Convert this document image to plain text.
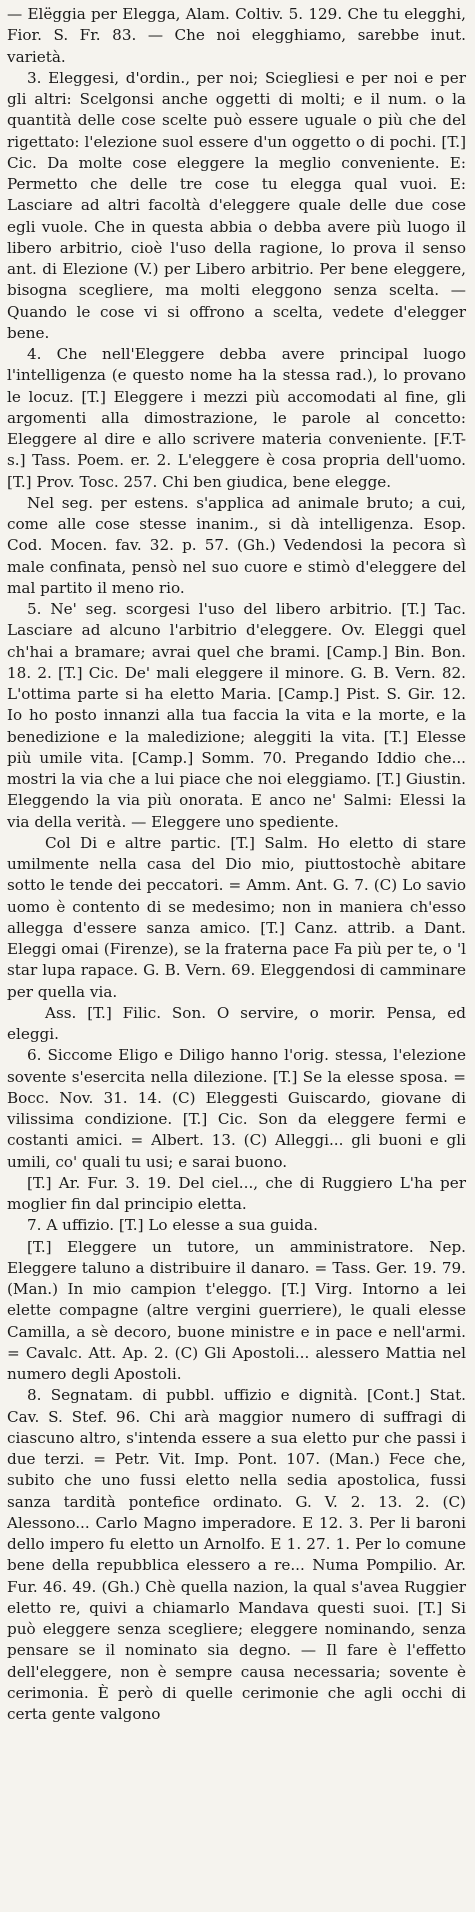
— Elëggia per Elegga, Alam. Coltiv. 5. 129. Che tu elegghi, Fior. S. Fr. 83. — Che noi elegghiamo, sarebbe inut. varietà.

3. Eleggesi, d'ordin., per noi; Sciegliesi e per noi e per gli altri: Scelgonsi anche oggetti di molti; e il num. o la quantità delle cose scelte può essere uguale o più che del rigettato: l'elezione suol essere d'un oggetto o di pochi. [T.] Cic. Da molte cose eleggere la meglio conveniente. E: Permetto che delle tre cose tu elegga qual vuoi. E: Lasciare ad altri facoltà d'eleggere quale delle due cose egli vuole. Che in questa abbia o debba avere più luogo il libero arbitrio, cioè l'uso della ragione, lo prova il senso ant. di Elezione (V.) per Libero arbitrio. Per bene eleggere, bisogna scegliere, ma molti eleggono senza scelta. — Quando le cose vi si offrono a scelta, vedete d'elegger bene.

4. Che nell'Eleggere debba avere principal luogo l'intelligenza (e questo nome ha la stessa rad.), lo provano le locuz. [T.] Eleggere i mezzi più accomodati al fine, gli argomenti alla dimostrazione, le parole al concetto: Eleggere al dire e allo scrivere materia conveniente. [F.T-s.] Tass. Poem. er. 2. L'eleggere è cosa propria dell'uomo. [T.] Prov. Tosc. 257. Chi ben giudica, bene elegge.

Nel seg. per estens. s'applica ad animale bruto; a cui, come alle cose stesse inanim., si dà intelligenza. Esop. Cod. Mocen. fav. 32. p. 57. (Gh.) Vedendosi la pecora sì male confinata, pensò nel suo cuore e stimò d'eleggere del mal partito il meno rio.

5. Ne' seg. scorgesi l'uso del libero arbitrio. [T.] Tac. Lasciare ad alcuno l'arbitrio d'eleggere. Ov. Eleggi quel ch'hai a bramare; avrai quel che brami. [Camp.] Bin. Bon. 18. 2. [T.] Cic. De' mali eleggere il minore. G. B. Vern. 82. L'ottima parte si ha eletto Maria. [Camp.] Pist. S. Gir. 12. Io ho posto innanzi alla tua faccia la vita e la morte, e la benedizione e la maledizione; aleggiti la vita. [T.] Elesse più umile vita. [Camp.] Somm. 70. Pregando Iddio che... mostri la via che a lui piace che noi eleggiamo. [T.] Giustin. Eleggendo la via più onorata. E anco ne' Salmi: Elessi la via della verità. — Eleggere uno spediente.

Col Di e altre partic. [T.] Salm. Ho eletto di stare umilmente nella casa del Dio mio, piuttostochè abitare sotto le tende dei peccatori. = Amm. Ant. G. 7. (C) Lo savio uomo è contento di se medesimo; non in maniera ch'esso allegga d'essere sanza amico. [T.] Canz. attrib. a Dant. Eleggi omai (Firenze), se la fraterna pace Fa più per te, o 'l star lupa rapace. G. B. Vern. 69. Eleggendosi di camminare per quella via.

Ass. [T.] Filic. Son. O servire, o morir. Pensa, ed eleggi.

6. Siccome Eligo e Diligo hanno l'orig. stessa, l'elezione sovente s'esercita nella dilezione. [T.] Se la elesse sposa. = Bocc. Nov. 31. 14. (C) Eleggesti Guiscardo, giovane di vilissima condizione. [T.] Cic. Son da eleggere fermi e costanti amici. = Albert. 13. (C) Alleggi... gli buoni e gli umili, co' quali tu usi; e sarai buono.

[T.] Ar. Fur. 3. 19. Del ciel..., che di Ruggiero L'ha per moglier fin dal principio eletta.

7. A uffizio. [T.] Lo elesse a sua guida.

[T.] Eleggere un tutore, un amministratore. Nep. Eleggere taluno a distribuire il danaro. = Tass. Ger. 19. 79. (Man.) In mio campion t'eleggo. [T.] Virg. Intorno a lei elette compagne (altre vergini guerriere), le quali elesse Camilla, a sè decoro, buone ministre e in pace e nell'armi. = Cavalc. Att. Ap. 2. (C) Gli Apostoli... alessero Mattia nel numero degli Apostoli.

8. Segnatam. di pubbl. uffizio e dignità. [Cont.] Stat. Cav. S. Stef. 96. Chi arà maggior numero di suffragi di ciascuno altro, s'intenda essere a sua eletto pur che passi i due terzi. = Petr. Vit. Imp. Pont. 107. (Man.) Fece che, subito che uno fussi eletto nella sedia apostolica, fussi sanza tardità pontefice ordinato. G. V. 2. 13. 2. (C) Alessono... Carlo Magno imperadore. E 12. 3. Per li baroni dello impero fu eletto un Arnolfo. E 1. 27. 1. Per lo comune bene della repubblica elessero a re... Numa Pompilio. Ar. Fur. 46. 49. (Gh.) Chè quella nazion, la qual s'avea Ruggier eletto re, quivi a chiamarlo Mandava questi suoi. [T.] Si può eleggere senza scegliere; eleggere nominando, senza pensare se il nominato sia degno. — Il fare è l'effetto dell'eleggere, non è sempre causa necessaria; sovente è cerimonia. È però di quelle cerimonie che agli occhi di certa gente valgono
